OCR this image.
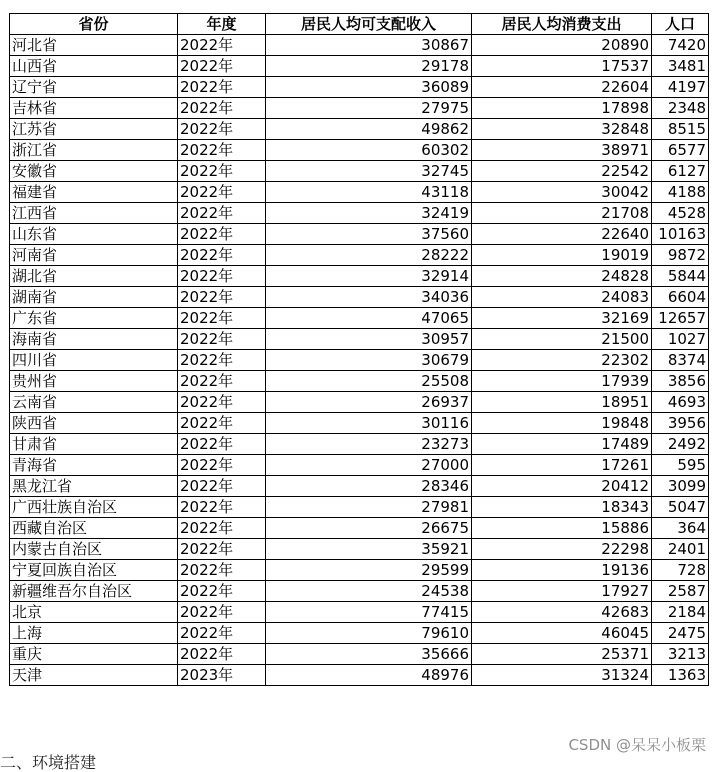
省份	年度	居民人均可支配收入	居民人均消费支出	人口
河北省	2022年	30867	20890	7420
山西省	2022年	29178	17537	3481
辽宁省	2022年	36089	22604	4197
吉林省	2022年	27975	17898	2348
江苏省	2022年	49862	32848	8515
浙江省	2022年	60302	38971	6577
安徽省	2022年	32745	22542	6127
福建省	2022年	43118	30042	4188
江西省	2022年	32419	21708	4528
山东省	2022年	37560	22640	10163
河南省	2022年	28222	19019	9872
湖北省	2022年	32914	24828	5844
湖南省	2022年	34036	24083	6604
广东省	2022年	47065	32169	12657
海南省	2022年	30957	21500	1027
四川省	2022年	30679	22302	8374
贵州省	2022年	25508	17939	3856
云南省	2022年	26937	18951	4693
陕西省	2022年	30116	19848	3956
甘肃省	2022年	23273	17489	2492
青海省	2022年	27000	17261	595
黑龙江省	2022年	28346	20412	3099
广西壮族自治区	2022年	27981	18343	5047
西藏自治区	2022年	26675	15886	364
内蒙古自治区	2022年	35921	22298	2401
宁夏回族自治区	2022年	29599	19136	728
新疆维吾尔自治区	2022年	24538	17927	2587
北京	2022年	77415	42683	2184
上海	2022年	79610	46045	2475
重庆	2022年	35666	25371	3213
天津	2023年	48976	31324	1363
CSDN @呆呆小板栗
二、环境搭建
